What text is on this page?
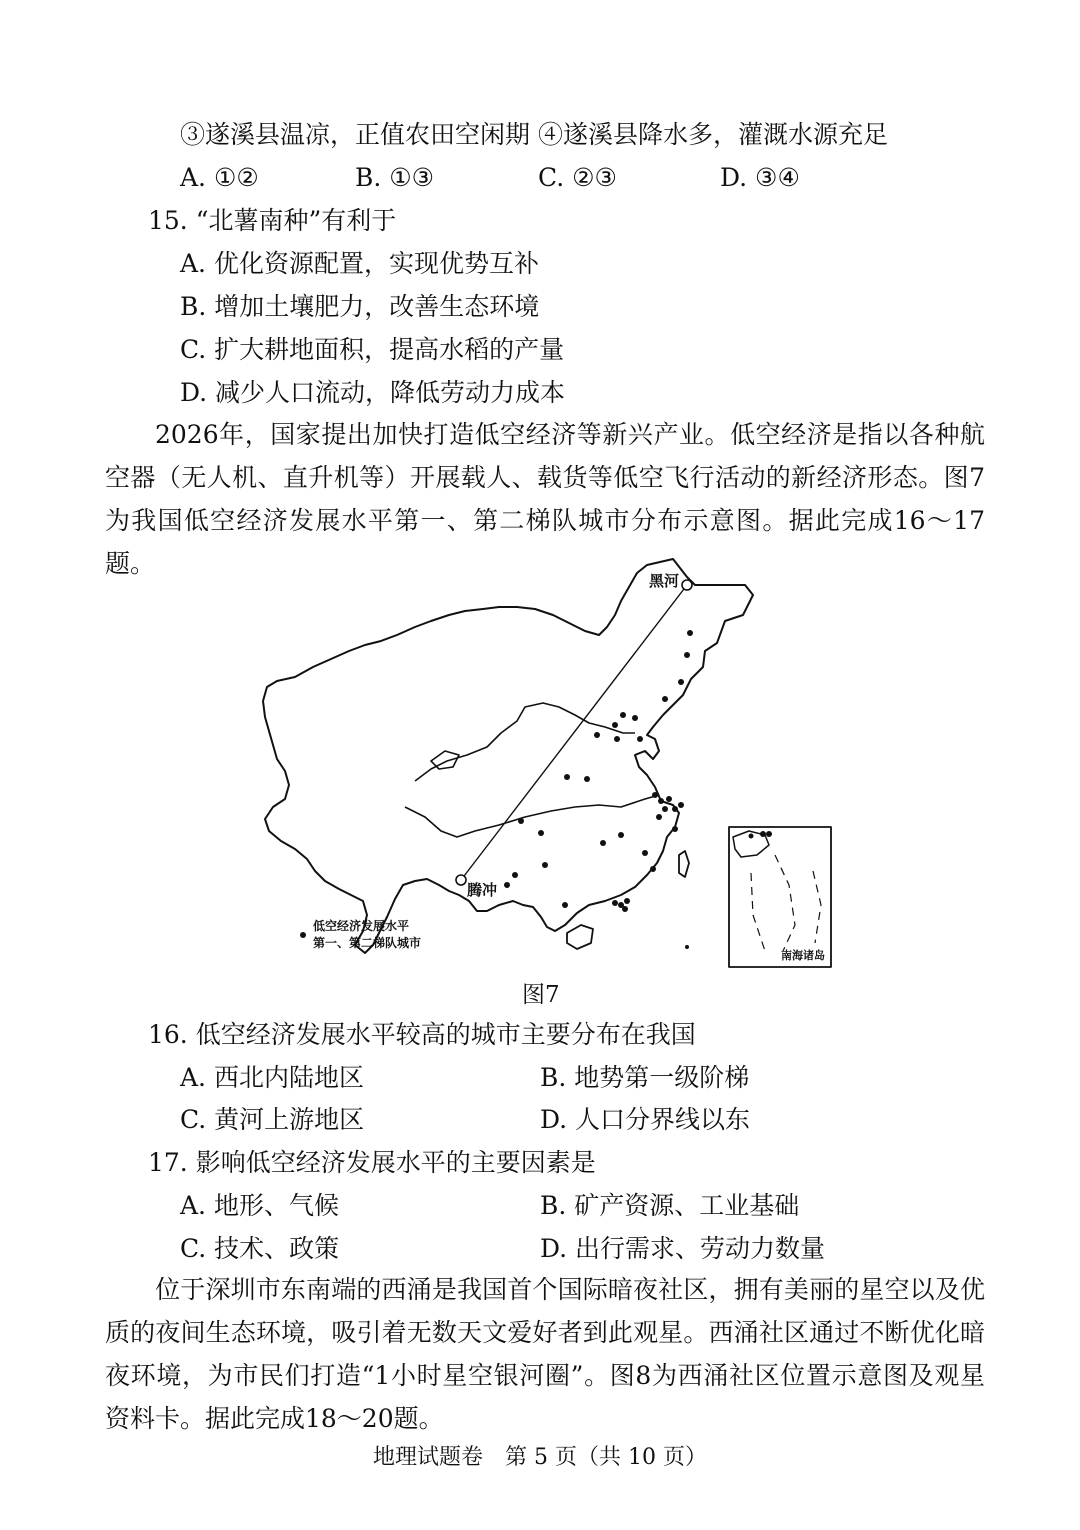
③遂溪县温凉，正值农田空闲期 ④遂溪县降水多，灌溉水源充足
A. ①②	B. ①③	C. ②③	D. ③④
15. “北薯南种”有利于
A. 优化资源配置，实现优势互补
B. 增加土壤肥力，改善生态环境
C. 扩大耕地面积，提高水稻的产量
D. 减少人口流动，降低劳动力成本
2026年，国家提出加快打造低空经济等新兴产业。低空经济是指以各种航空器（无人机、直升机等）开展载人、载货等低空飞行活动的新经济形态。图7为我国低空经济发展水平第一、第二梯队城市分布示意图。据此完成16～17题。
黑河
腾冲
低空经济发展水平
第一、第二梯队城市
南海诸岛
图7
16. 低空经济发展水平较高的城市主要分布在我国
A. 西北内陆地区	B. 地势第一级阶梯
C. 黄河上游地区	D. 人口分界线以东
17. 影响低空经济发展水平的主要因素是
A. 地形、气候	B. 矿产资源、工业基础
C. 技术、政策	D. 出行需求、劳动力数量
位于深圳市东南端的西涌是我国首个国际暗夜社区，拥有美丽的星空以及优质的夜间生态环境，吸引着无数天文爱好者到此观星。西涌社区通过不断优化暗夜环境，为市民们打造“1小时星空银河圈”。图8为西涌社区位置示意图及观星资料卡。据此完成18～20题。
地理试题卷　第 5 页（共 10 页）
